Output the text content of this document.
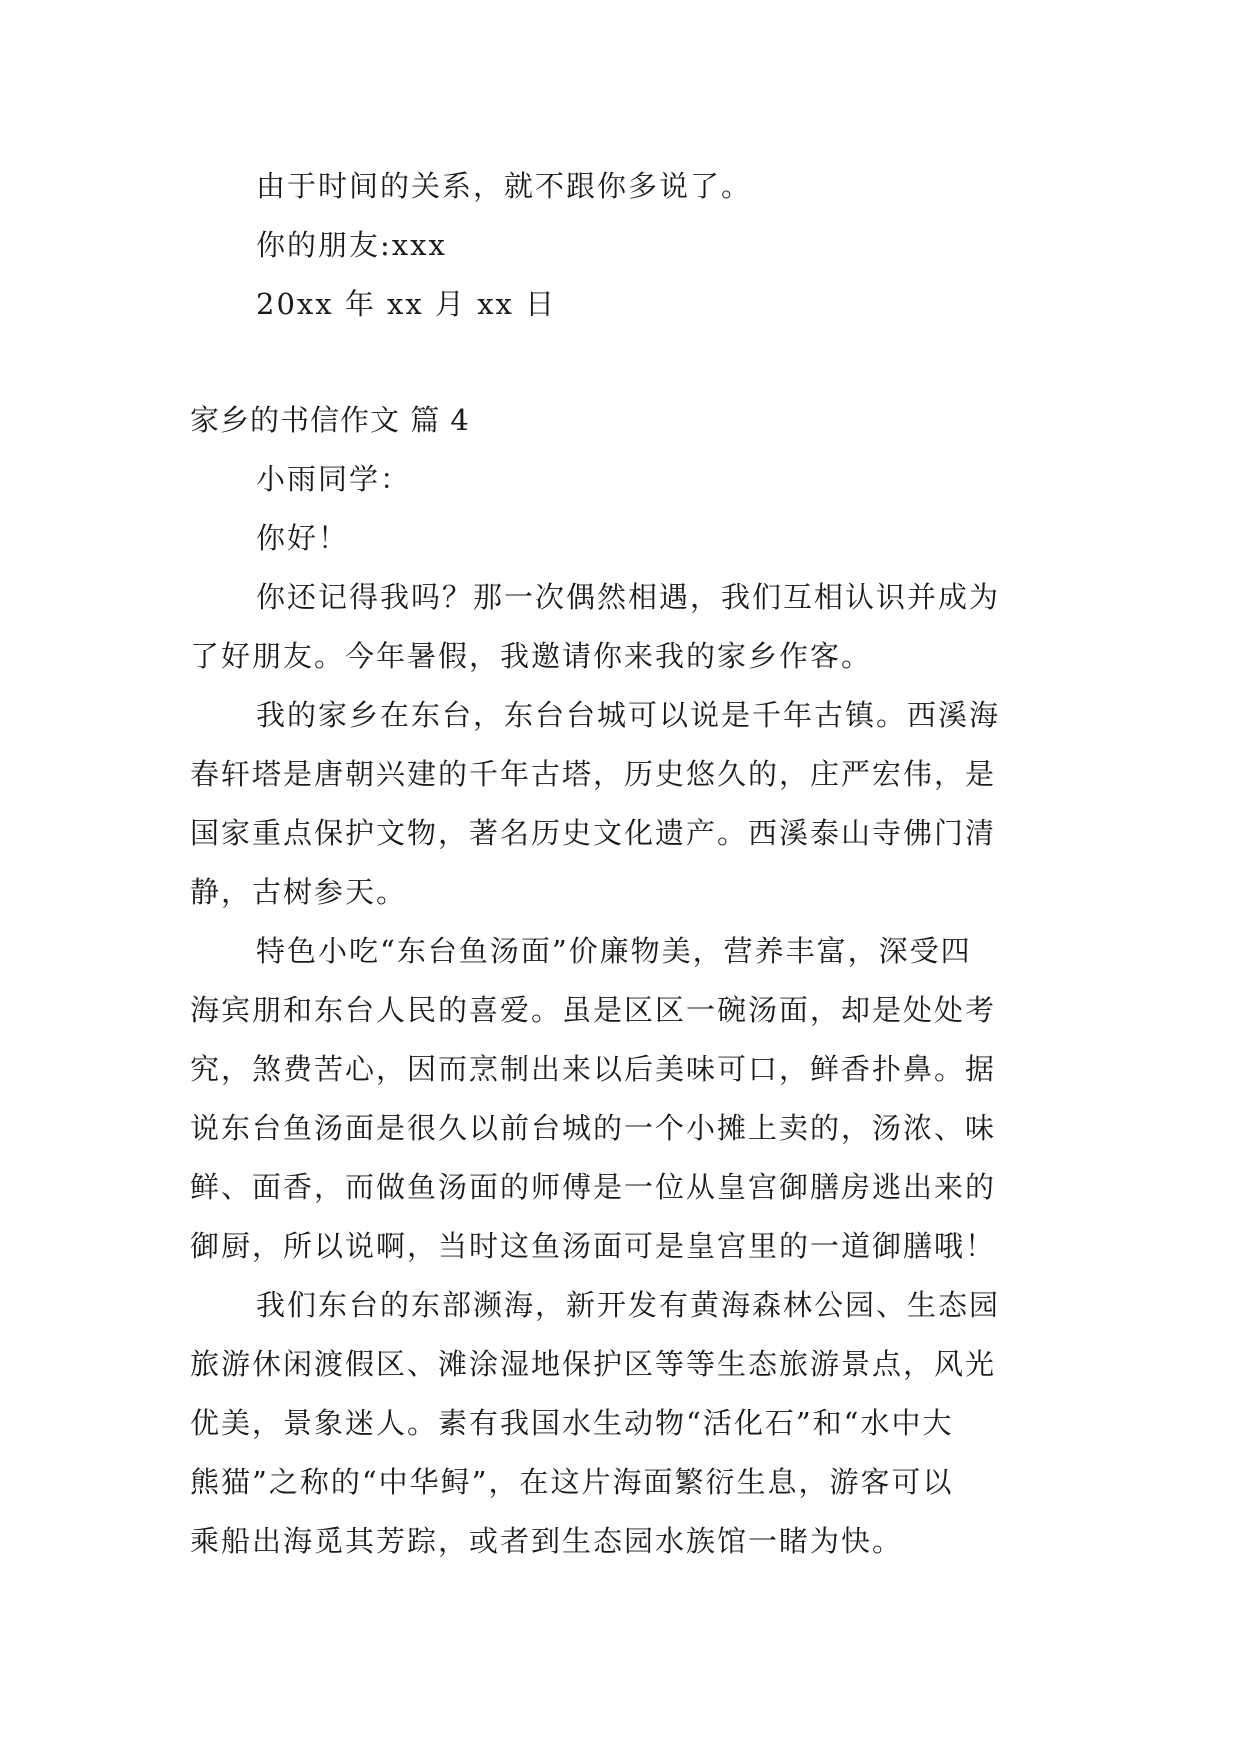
由于时间的关系，就不跟你多说了。
你的朋友:xxx
20xx 年 xx 月 xx 日
家乡的书信作文 篇 4
小雨同学：
你好！
你还记得我吗？那一次偶然相遇，我们互相认识并成为
了好朋友。今年暑假，我邀请你来我的家乡作客。
我的家乡在东台，东台台城可以说是千年古镇。西溪海
春轩塔是唐朝兴建的千年古塔，历史悠久的，庄严宏伟，是
国家重点保护文物，著名历史文化遗产。西溪泰山寺佛门清
静，古树参天。
特色小吃“东台鱼汤面”价廉物美，营养丰富，深受四
海宾朋和东台人民的喜爱。虽是区区一碗汤面，却是处处考
究，煞费苦心，因而烹制出来以后美味可口，鲜香扑鼻。据
说东台鱼汤面是很久以前台城的一个小摊上卖的，汤浓、味
鲜、面香，而做鱼汤面的师傅是一位从皇宫御膳房逃出来的
御厨，所以说啊，当时这鱼汤面可是皇宫里的一道御膳哦！
我们东台的东部濒海，新开发有黄海森林公园、生态园
旅游休闲渡假区、滩涂湿地保护区等等生态旅游景点，风光
优美，景象迷人。素有我国水生动物“活化石”和“水中大
熊猫”之称的“中华鲟”，在这片海面繁衍生息，游客可以
乘船出海觅其芳踪，或者到生态园水族馆一睹为快。
